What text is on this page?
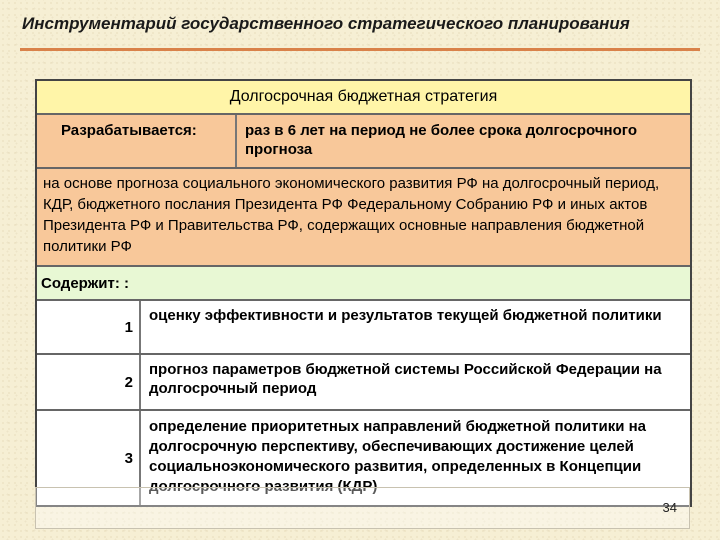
Инструментарий государственного стратегического планирования
Долгосрочная бюджетная стратегия
Разрабатывается:	раз в 6 лет на период не более срока долгосрочного прогноза
на основе прогноза социального экономического развития РФ на долгосрочный период, КДР, бюджетного послания Президента РФ Федеральному Собранию РФ и иных актов Президента РФ и Правительства РФ, содержащих основные направления бюджетной политики РФ
Содержит: :
1
оценку эффективности и результатов текущей бюджетной политики
2
прогноз параметров бюджетной системы Российской Федерации на долгосрочный период
3
определение приоритетных направлений бюджетной политики на долгосрочную перспективу, обеспечивающих достижение целей социальноэкономического развития, определенных в Концепции долгосрочного развития (КДР)
34
